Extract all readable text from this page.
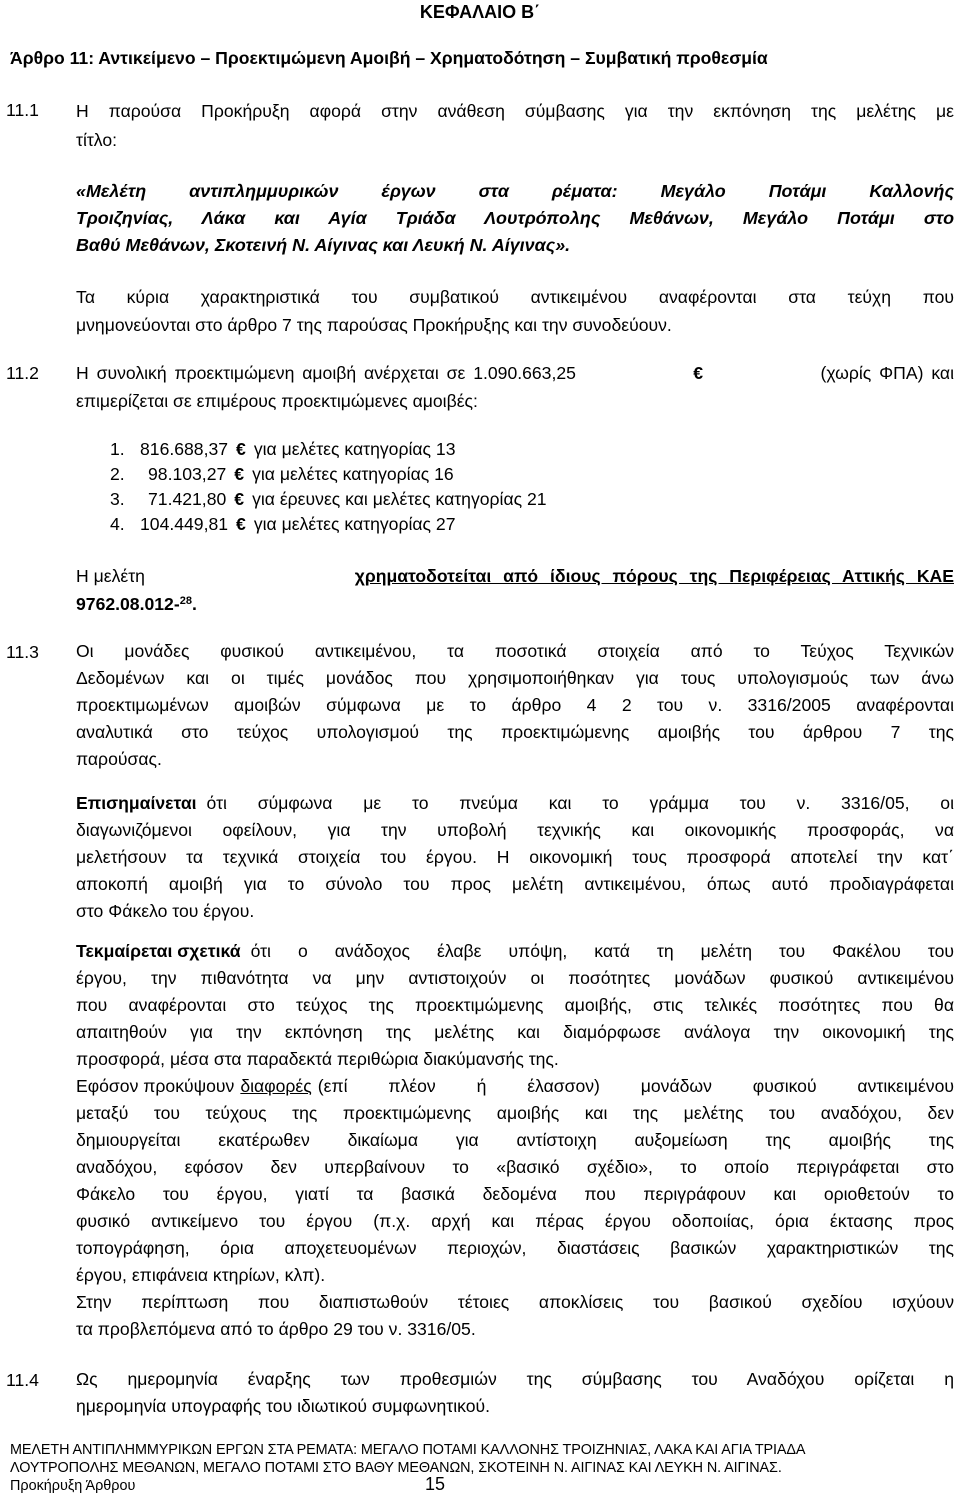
ΚΕΦΑΛΑΙΟ Β΄
Άρθρο 11: Αντικείμενο – Προεκτιμώμενη Αμοιβή – Χρηματοδότηση – Συμβατική προθεσμία
11.1 Η παρούσα Προκήρυξη αφορά στην ανάθεση σύμβασης για την εκπόνηση της μελέτης με
τίτλο:
«Μελέτη αντιπλημμυρικών έργων στα ρέματα: Μεγάλο Ποτάμι Καλλονής
Τροιζηνίας, Λάκα και Αγία Τριάδα Λουτρόπολης Μεθάνων, Μεγάλο Ποτάμι στο
Βαθύ Μεθάνων, Σκοτεινή Ν. Αίγινας και Λευκή Ν. Αίγινας».
Τα κύρια χαρακτηριστικά του συμβατικού αντικειμένου αναφέρονται στα τεύχη που
μνημονεύονται στο άρθρο 7 της παρούσας Προκήρυξης και την συνοδεύουν.
11.2 Η συνολική προεκτιμώμενη αμοιβή ανέρχεται σε 1.090.663,25	€	(χωρίς ΦΠΑ) και
επιμερίζεται σε επιμέρους προεκτιμώμενες αμοιβές:
1. 816.688,37 € για μελέτες κατηγορίας 13
2. 98.103,27 € για μελέτες κατηγορίας 16
3. 71.421,80 € για έρευνες και μελέτες κατηγορίας 21
4. 104.449,81 € για μελέτες κατηγορίας 27
Η μελέτη	χρηματοδοτείται από ίδιους πόρους της Περιφέρειας Αττικής ΚΑΕ
9762.08.012-$^{28}$.
11.3 Οι μονάδες φυσικού αντικειμένου, τα ποσοτικά στοιχεία από το Τεύχος Τεχνικών
Δεδομένων και οι τιμές μονάδος που χρησιμοποιήθηκαν για τους υπολογισμούς των άνω
προεκτιμωμένων αμοιβών σύμφωνα με το άρθρο 4 2 του ν. 3316/2005 αναφέρονται
αναλυτικά στο τεύχος υπολογισμού της προεκτιμώμενης αμοιβής του άρθρου 7 της
παρούσας.
Επισημαίνεται ότι σύμφωνα με το πνεύμα και το γράμμα του ν. 3316/05, οι
διαγωνιζόμενοι οφείλουν, για την υποβολή τεχνικής και οικονομικής προσφοράς, να
μελετήσουν τα τεχνικά στοιχεία του έργου. Η οικονομική τους προσφορά αποτελεί την κατ΄
αποκοπή αμοιβή για το σύνολο του προς μελέτη αντικειμένου, όπως αυτό προδιαγράφεται
στο Φάκελο του έργου.
Τεκμαίρεται σχετικά ότι ο ανάδοχος έλαβε υπόψη, κατά τη μελέτη του Φακέλου του
έργου, την πιθανότητα να μην αντιστοιχούν οι ποσότητες μονάδων φυσικού αντικειμένου
που αναφέρονται στο τεύχος της προεκτιμώμενης αμοιβής, στις τελικές ποσότητες που θα
απαιτηθούν για την εκπόνηση της μελέτης και διαμόρφωσε ανάλογα την οικονομική της
προσφορά, μέσα στα παραδεκτά περιθώρια διακύμανσής της.
Εφόσον προκύψουν διαφορές (επί πλέον ή έλασσον) μονάδων φυσικού αντικειμένου
μεταξύ του τεύχους της προεκτιμώμενης αμοιβής και της μελέτης του αναδόχου, δεν
δημιουργείται εκατέρωθεν δικαίωμα για αντίστοιχη αυξομείωση της αμοιβής της
αναδόχου, εφόσον δεν υπερβαίνουν το «βασικό σχέδιο», το οποίο περιγράφεται στο
Φάκελο του έργου, γιατί τα βασικά δεδομένα που περιγράφουν και οριοθετούν το
φυσικό αντικείμενο του έργου (π.χ. αρχή και πέρας έργου οδοποιίας, όρια έκτασης προς
τοπογράφηση, όρια αποχετευομένων περιοχών, διαστάσεις βασικών χαρακτηριστικών της
έργου, επιφάνεια κτηρίων, κλπ).
Στην περίπτωση που διαπιστωθούν τέτοιες αποκλίσεις του βασικού σχεδίου ισχύουν
τα προβλεπόμενα από το άρθρο 29 του ν. 3316/05.
11.4 Ως ημερομηνία έναρξης των προθεσμιών της σύμβασης του Αναδόχου ορίζεται η
ημερομηνία υπογραφής του ιδιωτικού συμφωνητικού.
ΜΕΛΕΤΗ ΑΝΤΙΠΛΗΜΜΥΡΙΚΩΝ ΕΡΓΩΝ ΣΤΑ ΡΕΜΑΤΑ: ΜΕΓΑΛΟ ΠΟΤΑΜΙ ΚΑΛΛΟΝΗΣ ΤΡΟΙΖΗΝΙΑΣ, ΛΑΚΑ ΚΑΙ ΑΓΙΑ ΤΡΙΑΔΑ
ΛΟΥΤΡΟΠΟΛΗΣ ΜΕΘΑΝΩΝ, ΜΕΓΑΛΟ ΠΟΤΑΜΙ ΣΤΟ ΒΑΘΥ ΜΕΘΑΝΩΝ, ΣΚΟΤΕΙΝΗ Ν. ΑΙΓΙΝΑΣ ΚΑΙ ΛΕΥΚΗ Ν. ΑΙΓΙΝΑΣ.
Προκήρυξη Άρθρου	15
